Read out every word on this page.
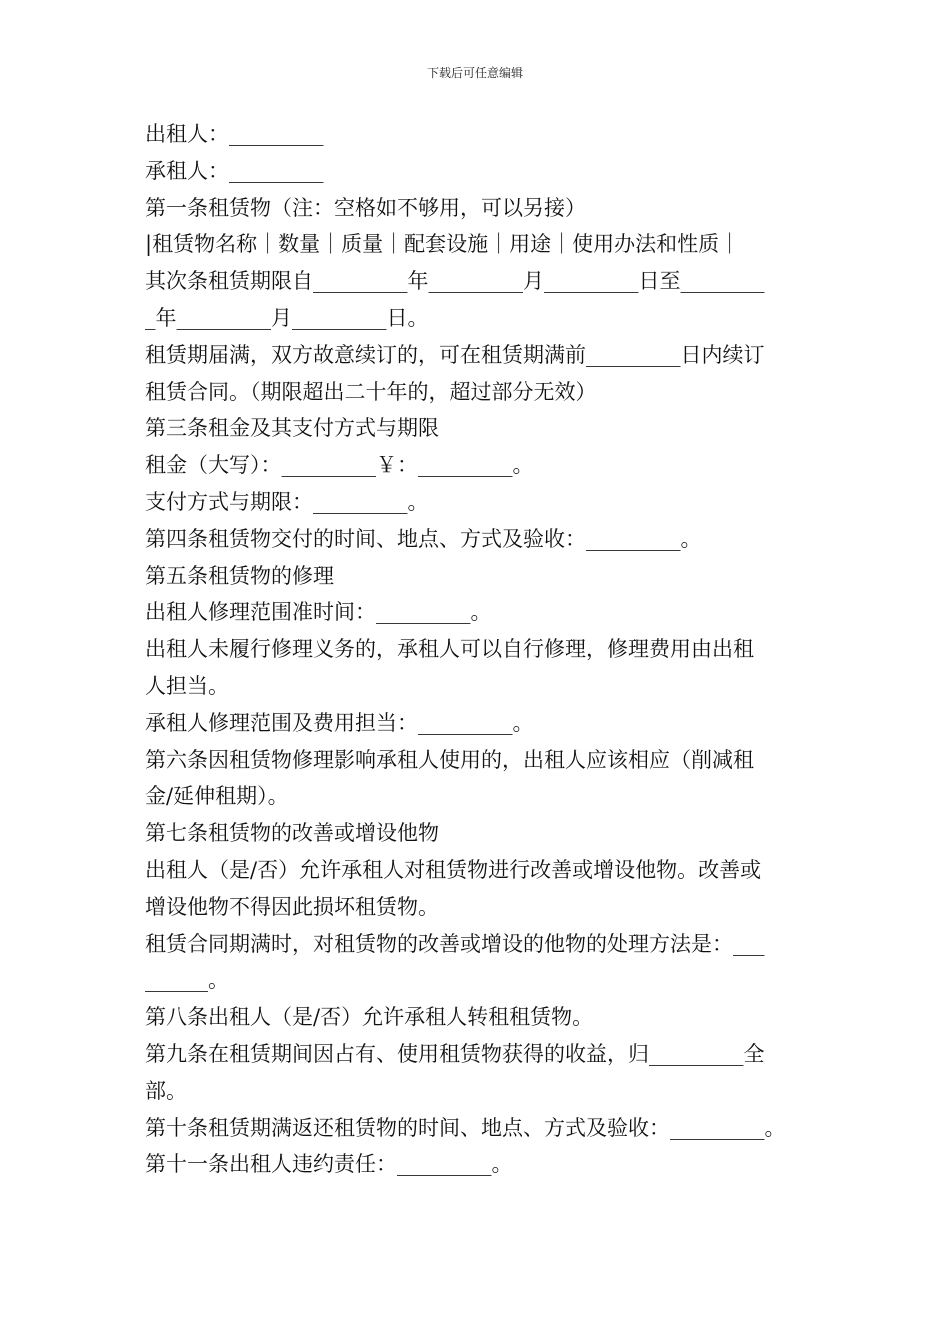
下载后可任意编辑
出租人：_________
承租人：_________
第一条租赁物（注：空格如不够用，可以另接）
|租赁物名称｜数量｜质量｜配套设施｜用途｜使用办法和性质｜
其次条租赁期限自_________年_________月_________日至________
_年_________月_________日。
租赁期届满，双方故意续订的，可在租赁期满前_________日内续订
租赁合同。（期限超出二十年的，超过部分无效）
第三条租金及其支付方式与期限
租金（大写）：_________￥：_________。
支付方式与期限：_________。
第四条租赁物交付的时间、地点、方式及验收：_________。
第五条租赁物的修理
出租人修理范围准时间：_________。
出租人未履行修理义务的，承租人可以自行修理，修理费用由出租
人担当。
承租人修理范围及费用担当：_________。
第六条因租赁物修理影响承租人使用的，出租人应该相应（削减租
金/延伸租期）。
第七条租赁物的改善或增设他物
出租人（是/否）允许承租人对租赁物进行改善或增设他物。改善或
增设他物不得因此损坏租赁物。
租赁合同期满时，对租赁物的改善或增设的他物的处理方法是：___
______。
第八条出租人（是/否）允许承租人转租租赁物。
第九条在租赁期间因占有、使用租赁物获得的收益，归_________全
部。
第十条租赁期满返还租赁物的时间、地点、方式及验收：_________。
第十一条出租人违约责任：_________。
